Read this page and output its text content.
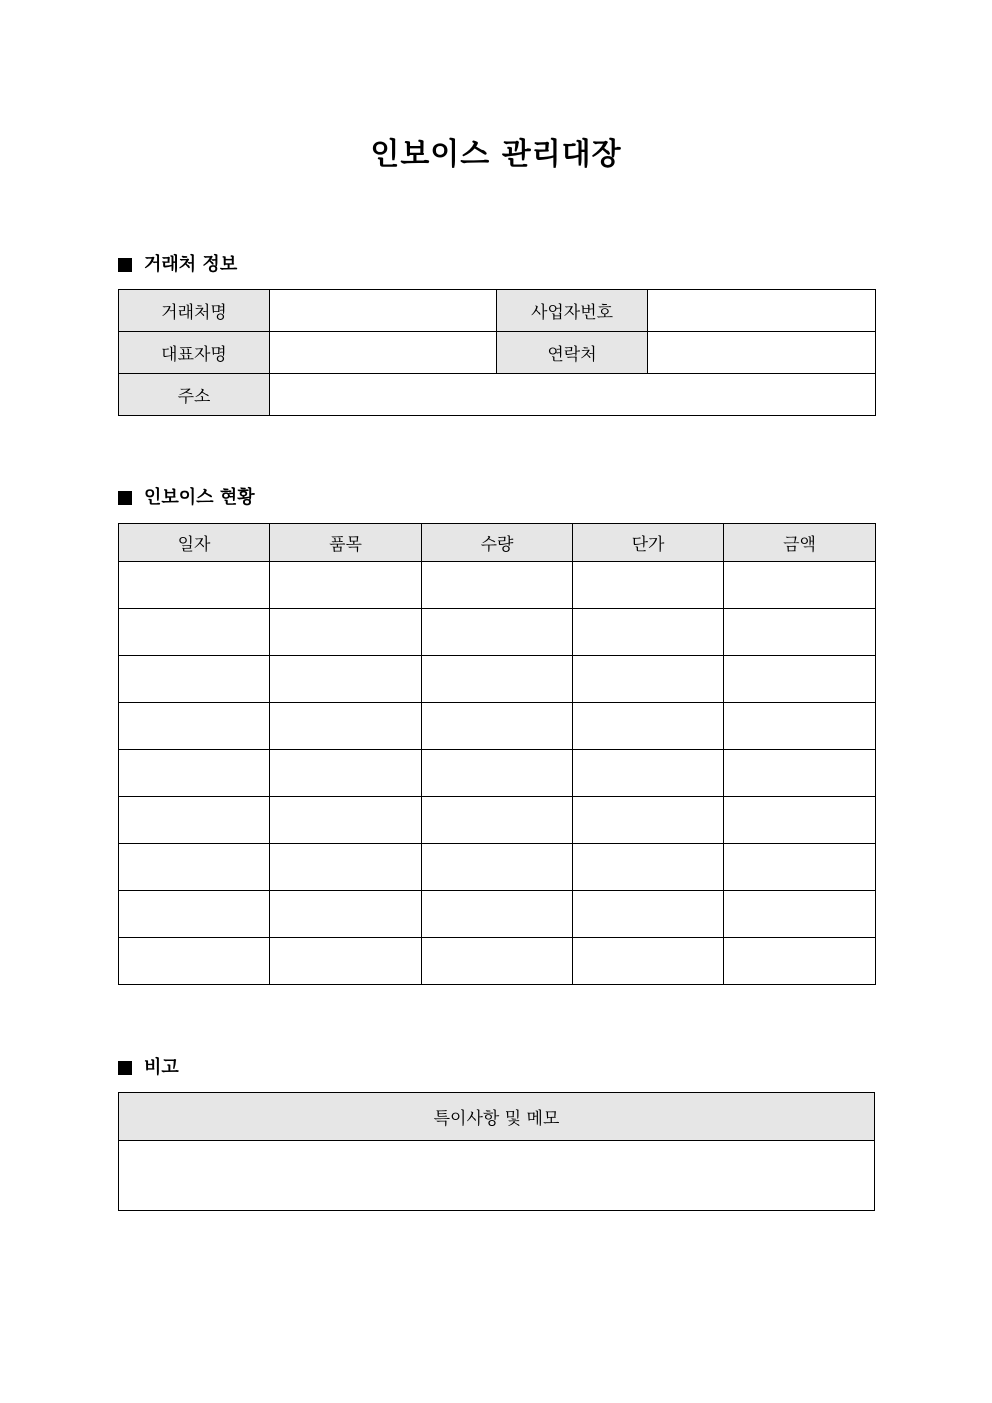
인보이스 관리대장
거래처 정보
거래처명		사업자번호	
대표자명		연락처	
주소			
인보이스 현황
일자	품목	수량	단가	금액

비고
특이사항 및 메모
